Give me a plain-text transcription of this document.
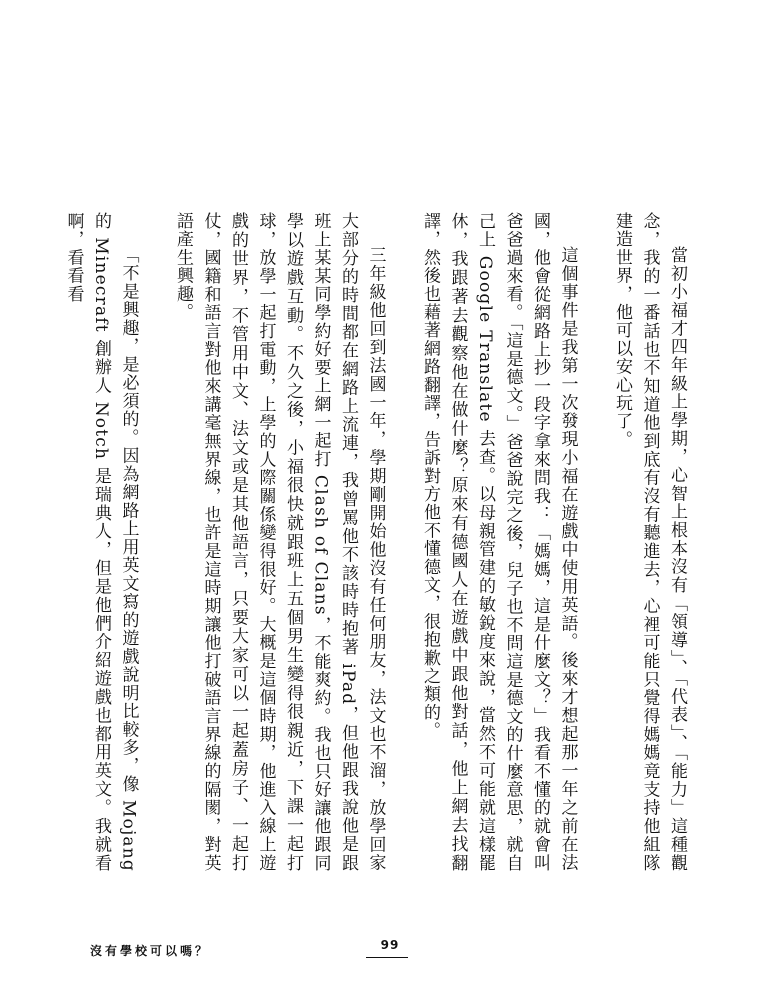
當初小福才四年級上學期，心智上根本沒有「領導」、「代表」、「能力」這種觀念，我的一番話也不知道他到底有沒有聽進去，心裡可能只覺得媽媽竟支持他組隊建造世界，他可以安心玩了。

這個事件是我第一次發現小福在遊戲中使用英語。後來才想起那一年之前在法國，他會從網路上抄一段字拿來問我：「媽媽，這是什麼文？」我看不懂的就會叫爸爸過來看。「這是德文。」爸爸說完之後，兒子也不問這是德文的什麼意思，就自己上 Google Translate 去查。以母親管建的敏銳度來說，當然不可能就這樣罷休，我跟著去觀察他在做什麼？原來有德國人在遊戲中跟他對話，他上網去找翻譯，然後也藉著網路翻譯，告訴對方他不懂德文，很抱歉之類的。

三年級他回到法國一年，學期剛開始他沒有任何朋友，法文也不溜，放學回家大部分的時間都在網路上流連，我曾罵他不該時時抱著 iPad，但他跟我說他是跟班上某某同學約好要上網一起打 Clash of Clans，不能爽約。我也只好讓他跟同學以遊戲互動。不久之後，小福很快就跟班上五個男生變得很親近，下課一起打球，放學一起打電動，上學的人際關係變得很好。大概是這個時期，他進入線上遊戲的世界，不管用中文、法文或是其他語言，只要大家可以一起蓋房子、一起打仗，國籍和語言對他來講毫無界線，也許是這時期讓他打破語言界線的隔閡，對英語產生興趣。

「不是興趣，是必須的。因為網路上用英文寫的遊戲說明比較多，像 Mojang 的 Minecraft 創辦人 Notch 是瑞典人，但是他們介紹遊戲也都用英文。我就看啊，看看看

沒有學校可以嗎？	99
